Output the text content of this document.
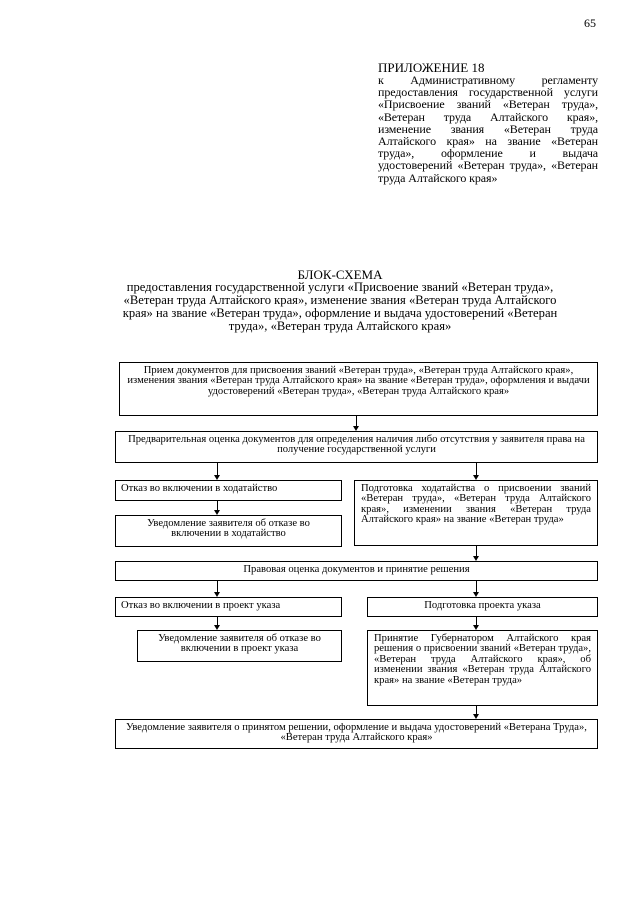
65
ПРИЛОЖЕНИЕ 18
к Административному регламенту предоставления государственной услуги «Присвоение званий «Ветеран труда», «Ветеран труда Алтайского края», изменение звания «Ветеран труда Алтайского края» на звание «Ветеран труда», оформление и выдача удостоверений «Ветеран труда», «Ветеран труда Алтайского края»
БЛОК-СХЕМА
предоставления государственной услуги «Присвоение званий «Ветеран труда», «Ветеран труда Алтайского края», изменение звания «Ветеран труда Алтайского края» на звание «Ветеран труда», оформление и выдача удостоверений «Ветеран труда», «Ветеран труда Алтайского края»
Прием документов для присвоения званий «Ветеран труда», «Ветеран труда Алтайского края», изменения звания «Ветеран труда Алтайского края» на звание «Ветеран труда», оформления и выдачи удостоверений «Ветеран труда», «Ветеран труда Алтайского края»
Предварительная оценка документов для определения наличия либо отсутствия у заявителя права на получение государственной услуги
Отказ во включении в ходатайство
Уведомление заявителя об отказе во включении в ходатайство
Подготовка ходатайства о присвоении званий «Ветеран труда», «Ветеран труда Алтайского края», изменении звания «Ветеран труда Алтайского края» на звание «Ветеран труда»
Правовая оценка документов и принятие решения
Отказ во включении в проект указа	Подготовка проекта указа
Уведомление заявителя об отказе во включении в проект указа
Принятие Губернатором Алтайского края решения о присвоении званий «Ветеран труда», «Ветеран труда Алтайского края», об изменении звания «Ветеран труда Алтайского края» на звание «Ветеран труда»
Уведомление заявителя о принятом решении, оформление и выдача удостоверений «Ветерана Труда», «Ветеран труда Алтайского края»
